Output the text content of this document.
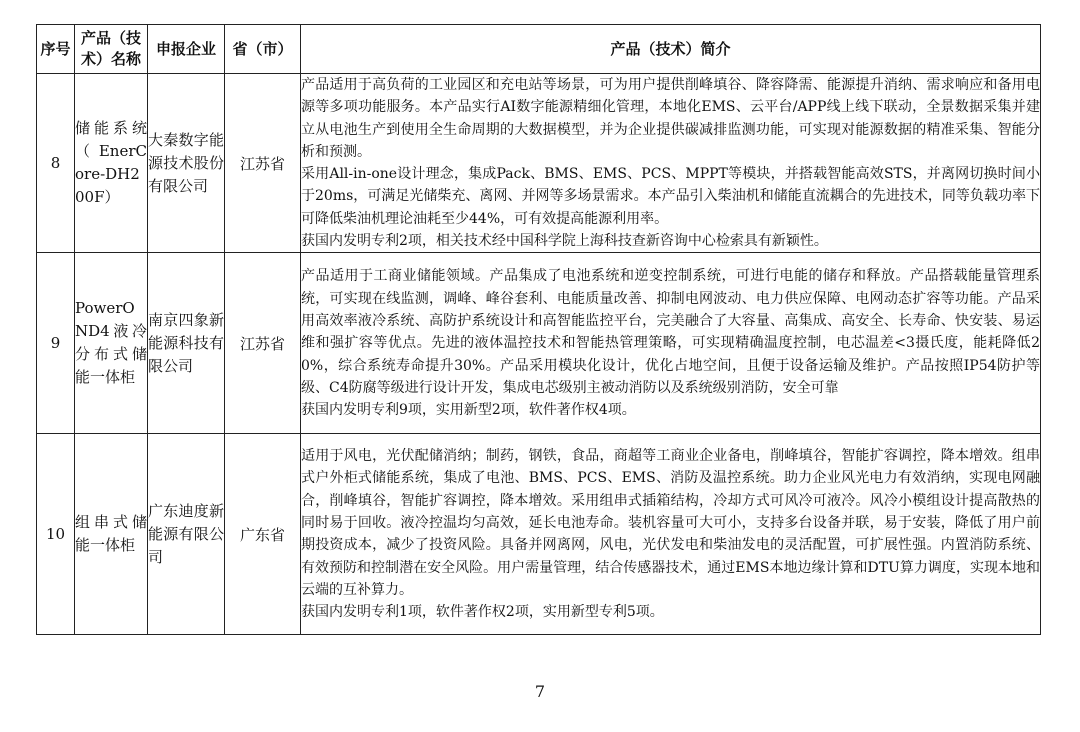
序号	产品（技术）名称	申报企业	省（市）	产品（技术）简介
8	储能系统（EnerCore-DH200F）	大秦数字能源技术股份有限公司	江苏省	产品适用于高负荷的工业园区和充电站等场景，可为用户提供削峰填谷、降容降需、能源提升消纳、需求响应和备用电源等多项功能服务。本产品实行AI数字能源精细化管理，本地化EMS、云平台/APP线上线下联动，全景数据采集并建立从电池生产到使用全生命周期的大数据模型，并为企业提供碳减排监测功能，可实现对能源数据的精准采集、智能分析和预测。

采用All-in-one设计理念，集成Pack、BMS、EMS、PCS、MPPT等模块，并搭载智能高效STS，并离网切换时间小于20ms，可满足光储柴充、离网、并网等多场景需求。本产品引入柴油机和储能直流耦合的先进技术，同等负载功率下可降低柴油机理论油耗至少44%，可有效提高能源利用率。

获国内发明专利2项，相关技术经中国科学院上海科技查新咨询中心检索具有新颖性。

9	PowerOND4液冷分布式储能一体柜	南京四象新能源科技有限公司	江苏省	产品适用于工商业储能领域。产品集成了电池系统和逆变控制系统，可进行电能的储存和释放。产品搭载能量管理系统，可实现在线监测，调峰、峰谷套利、电能质量改善、抑制电网波动、电力供应保障、电网动态扩容等功能。产品采用高效率液冷系统、高防护系统设计和高智能监控平台，完美融合了大容量、高集成、高安全、长寿命、快安装、易运维和强扩容等优点。先进的液体温控技术和智能热管理策略，可实现精确温度控制，电芯温差<3摄氏度，能耗降低20%，综合系统寿命提升30%。产品采用模块化设计，优化占地空间，且便于设备运输及维护。产品按照IP54防护等级、C4防腐等级进行设计开发，集成电芯级别主被动消防以及系统级别消防，安全可靠

获国内发明专利9项，实用新型2项，软件著作权4项。

10	组串式储能一体柜	广东迪度新能源有限公司	广东省	适用于风电，光伏配储消纳；制药，钢铁，食品，商超等工商业企业备电，削峰填谷，智能扩容调控，降本增效。组串式户外柜式储能系统，集成了电池、BMS、PCS、EMS、消防及温控系统。助力企业风光电力有效消纳，实现电网融合，削峰填谷，智能扩容调控，降本增效。采用组串式插箱结构，冷却方式可风冷可液冷。风冷小模组设计提高散热的同时易于回收。液冷控温均匀高效，延长电池寿命。装机容量可大可小，支持多台设备并联，易于安装，降低了用户前期投资成本，减少了投资风险。具备并网离网，风电，光伏发电和柴油发电的灵活配置，可扩展性强。内置消防系统、有效预防和控制潜在安全风险。用户需量管理，结合传感器技术，通过EMS本地边缘计算和DTU算力调度，实现本地和云端的互补算力。

获国内发明专利1项，软件著作权2项，实用新型专利5项。

7
